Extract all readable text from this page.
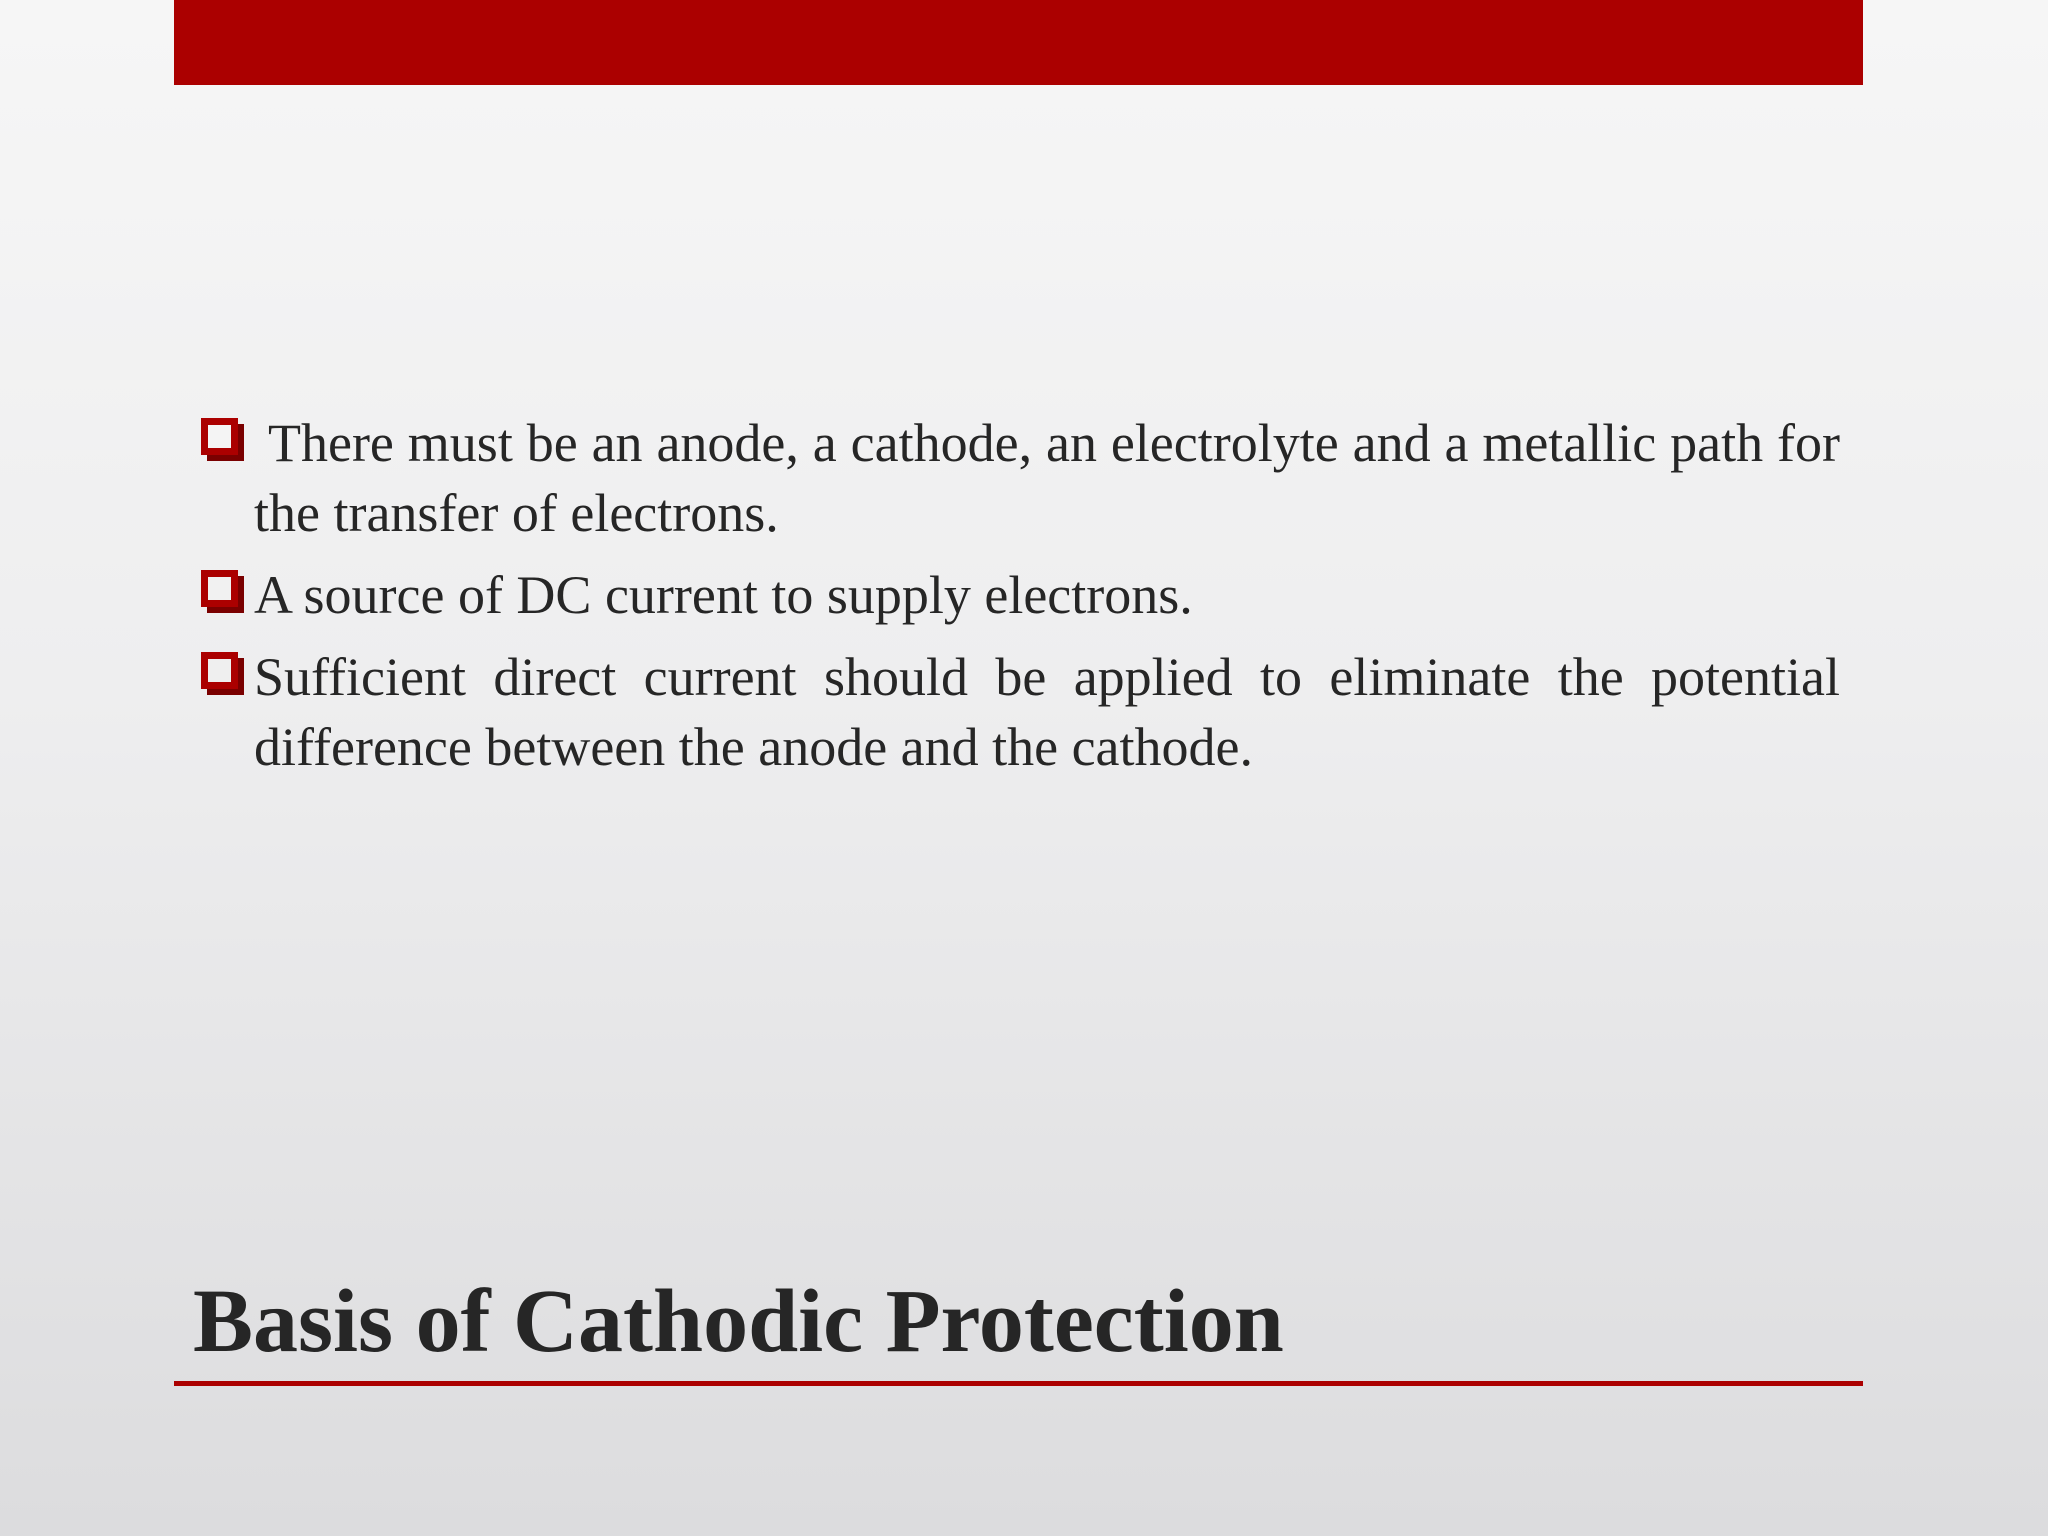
There must be an anode, a cathode, an electrolyte and a metallic path for the transfer of electrons.
A source of DC current to supply electrons.
Sufficient direct current should be applied to eliminate the potential difference between the anode and the cathode.
Basis of Cathodic Protection
